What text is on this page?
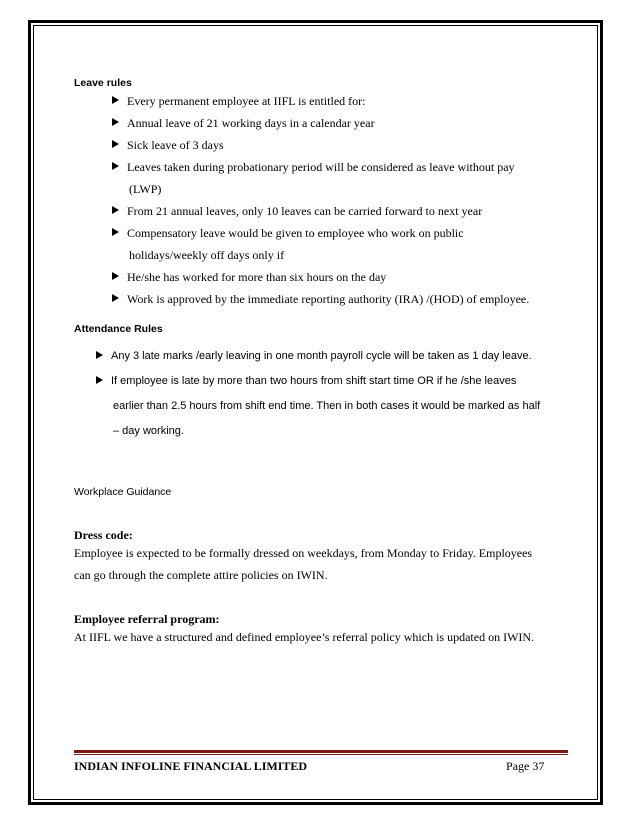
Leave rules
Every permanent employee at IIFL is entitled for:
Annual leave of 21 working days in a calendar year
Sick leave of 3 days
Leaves taken during probationary period will be considered as leave without pay
(LWP)
From 21 annual leaves, only 10 leaves can be carried forward to next year
Compensatory leave would be given to employee who work on public
holidays/weekly off days only if
He/she has worked for more than six hours on the day
Work is approved by the immediate reporting authority (IRA) /(HOD) of employee.
Attendance Rules
Any 3 late marks /early leaving in one month payroll cycle will be taken as 1 day leave.
If employee is late by more than two hours from shift start time OR if he /she leaves
earlier than 2.5 hours from shift end time. Then in both cases it would be marked as half
– day working.
Workplace Guidance
Dress code:
Employee is expected to be formally dressed on weekdays, from Monday to Friday. Employees
can go through the complete attire policies on IWIN.
Employee referral program:
At IIFL we have a structured and defined employee’s referral policy which is updated on IWIN.
INDIAN INFOLINE FINANCIAL LIMITED	Page 37
